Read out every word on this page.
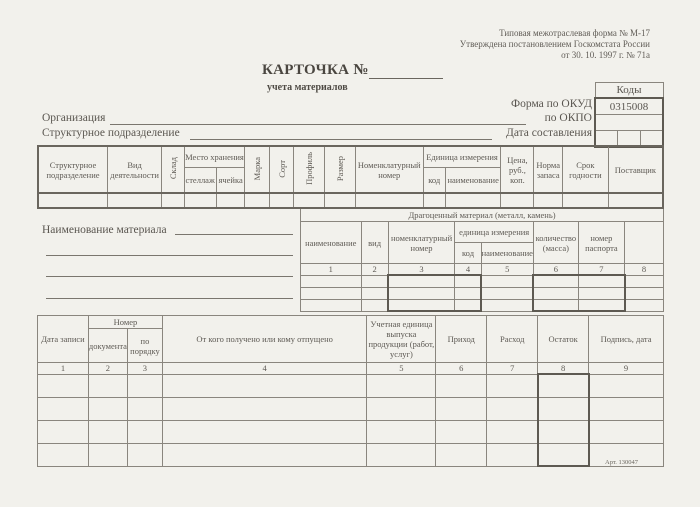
Типовая межотраслевая форма № М-17
Утверждена постановлением Госкомстата России
от 30. 10. 1997 г. № 71а
КАРТОЧКА №
учета материалов	Коды
0315008

Форма по ОКУД
Организация	по ОКПО
Структурное подразделение	Дата составления
Структурное подразделение	Вид деятельности	Склад	Место хранения		Марка	Сорт	Профиль	Размер	Номенклатурный номер	Единица измерения		Цена, руб., коп.	Норма запаса	Срок годности	Поставщик
			стеллаж	ячейка						код	наименование				

Наименование материала
Драгоценный материал (металл, камень)							
наименование	вид	номенклатурный номер	единица измерения		количество (масса)	номер паспорта	
			код	наименование			
1	2	3	4	5	6	7	8

Дата записи	Номер		От кого получено или кому отпущено	Учетная единица выпуска продукции (работ, услуг)	Приход	Расход	Остаток	Подпись, дата
	документа	по порядку						
1	2	3	4	5	6	7	8	9

Арт. 130047
